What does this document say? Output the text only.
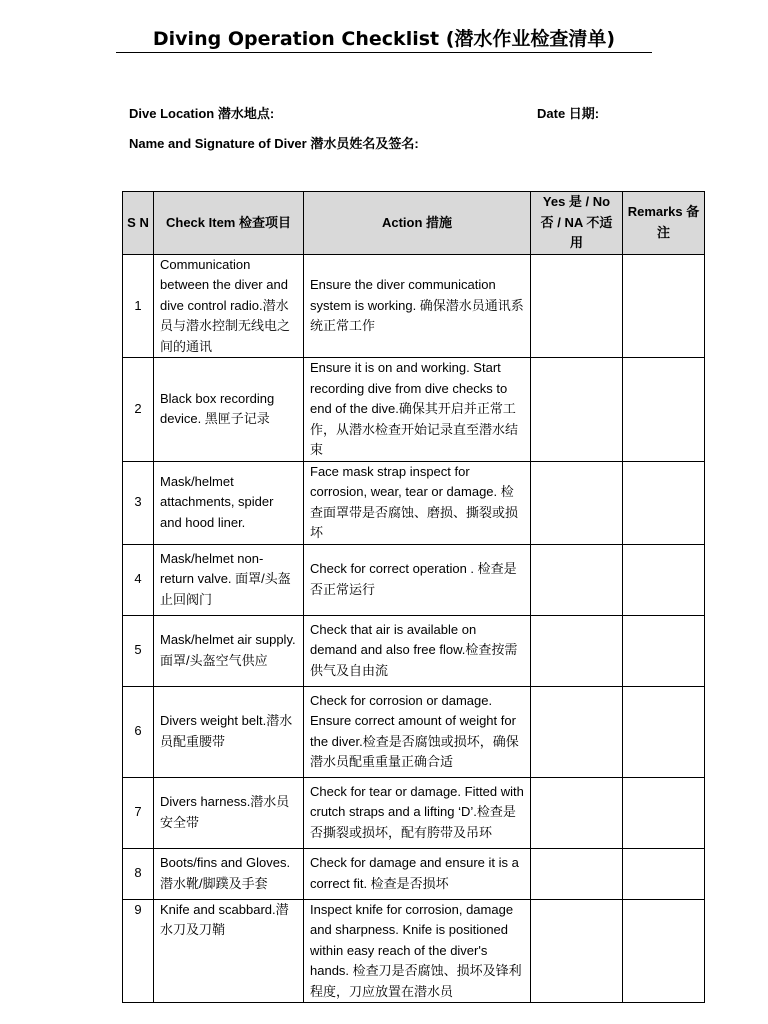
Diving Operation Checklist (潜水作业检查清单)
Dive Location 潜水地点:	Date 日期:
Name and Signature of Diver 潜水员姓名及签名:
S N	Check Item 检查项目	Action 措施	Yes 是 / No 否 / NA 不适用	Remarks 备注
1	Communication between the diver and dive control radio.潜水员与潜水控制无线电之间的通讯	Ensure the diver communication system is working. 确保潜水员通讯系统正常工作		
2	Black box recording device. 黑匣子记录	Ensure it is on and working. Start recording dive from dive checks to end of the dive.确保其开启并正常工作，从潜水检查开始记录直至潜水结束		
3	Mask/helmet attachments, spider and hood liner.	Face mask strap inspect for corrosion, wear, tear or damage. 检查面罩带是否腐蚀、磨损、撕裂或损坏		
4	Mask/helmet non-return valve. 面罩/头盔止回阀门	Check for correct operation . 检查是否正常运行		
5	Mask/helmet air supply. 面罩/头盔空气供应	Check that air is available on demand and also free flow.检查按需供气及自由流		
6	Divers weight belt.潜水员配重腰带	Check for corrosion or damage. Ensure correct amount of weight for the diver.检查是否腐蚀或损坏，确保潜水员配重重量正确合适		
7	Divers harness.潜水员安全带	Check for tear or damage. Fitted with crutch straps and a lifting ‘D’.检查是否撕裂或损坏，配有胯带及吊环		
8	Boots/fins and Gloves. 潜水靴/脚蹼及手套	Check for damage and ensure it is a correct fit. 检查是否损坏		
9	Knife and scabbard.潜水刀及刀鞘	Inspect knife for corrosion, damage and sharpness. Knife is positioned within easy reach of the diver's hands. 检查刀是否腐蚀、损坏及锋利程度，刀应放置在潜水员		
